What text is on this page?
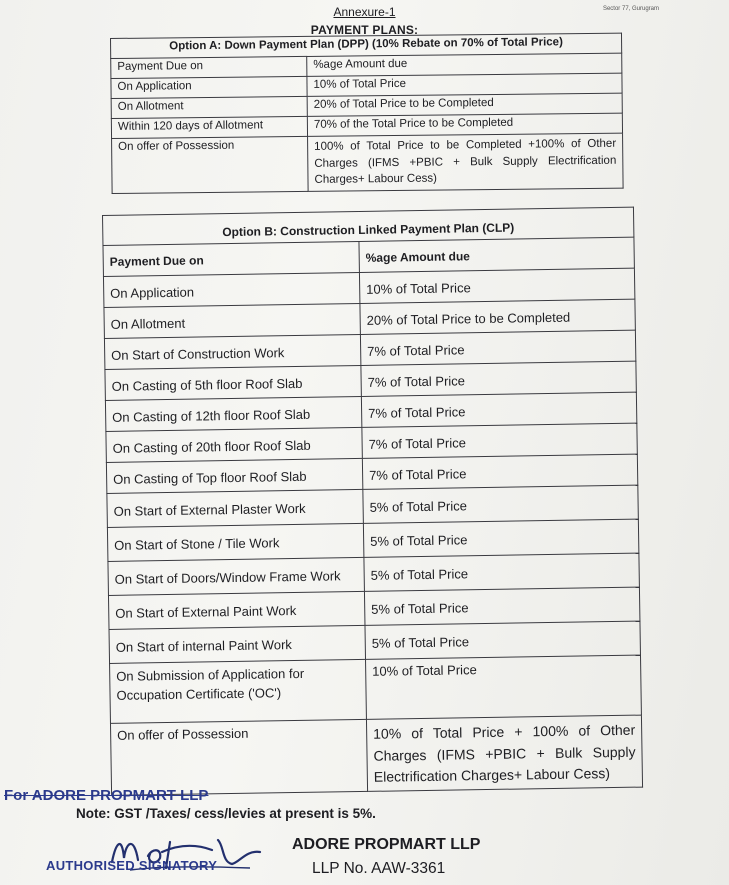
Sector 77, Gurugram
Annexure-1
PAYMENT PLANS:
Option A: Down Payment Plan (DPP) (10% Rebate on 70% of Total Price)	
Payment Due on	%age Amount due
On Application	10% of Total Price
On Allotment	20% of Total Price to be Completed
Within 120 days of Allotment	70% of the Total Price to be Completed
On offer of Possession	100% of Total Price to be Completed +100% of Other Charges (IFMS +PBIC + Bulk Supply Electrification Charges+ Labour Cess)
Option B: Construction Linked Payment Plan (CLP)	
Payment Due on	%age Amount due
On Application	10% of Total Price
On Allotment	20% of Total Price to be Completed
On Start of Construction Work	7% of Total Price
On Casting of 5th floor Roof Slab	7% of Total Price
On Casting of 12th floor Roof Slab	7% of Total Price
On Casting of 20th floor Roof Slab	7% of Total Price
On Casting of Top floor Roof Slab	7% of Total Price
On Start of External Plaster Work	5% of Total Price
On Start of Stone / Tile Work	5% of Total Price
On Start of Doors/Window Frame Work	5% of Total Price
On Start of External Paint Work	5% of Total Price
On Start of internal Paint Work	5% of Total Price
On Submission of Application for Occupation Certificate ('OC')	10% of Total Price
On offer of Possession	10% of Total Price + 100% of Other Charges (IFMS +PBIC + Bulk Supply Electrification Charges+ Labour Cess)
For ADORE PROPMART LLP
Note: GST /Taxes/ cess/levies at present is 5%.
AUTHORISED SIGNATORY
ADORE PROPMART LLP
LLP No. AAW-3361
